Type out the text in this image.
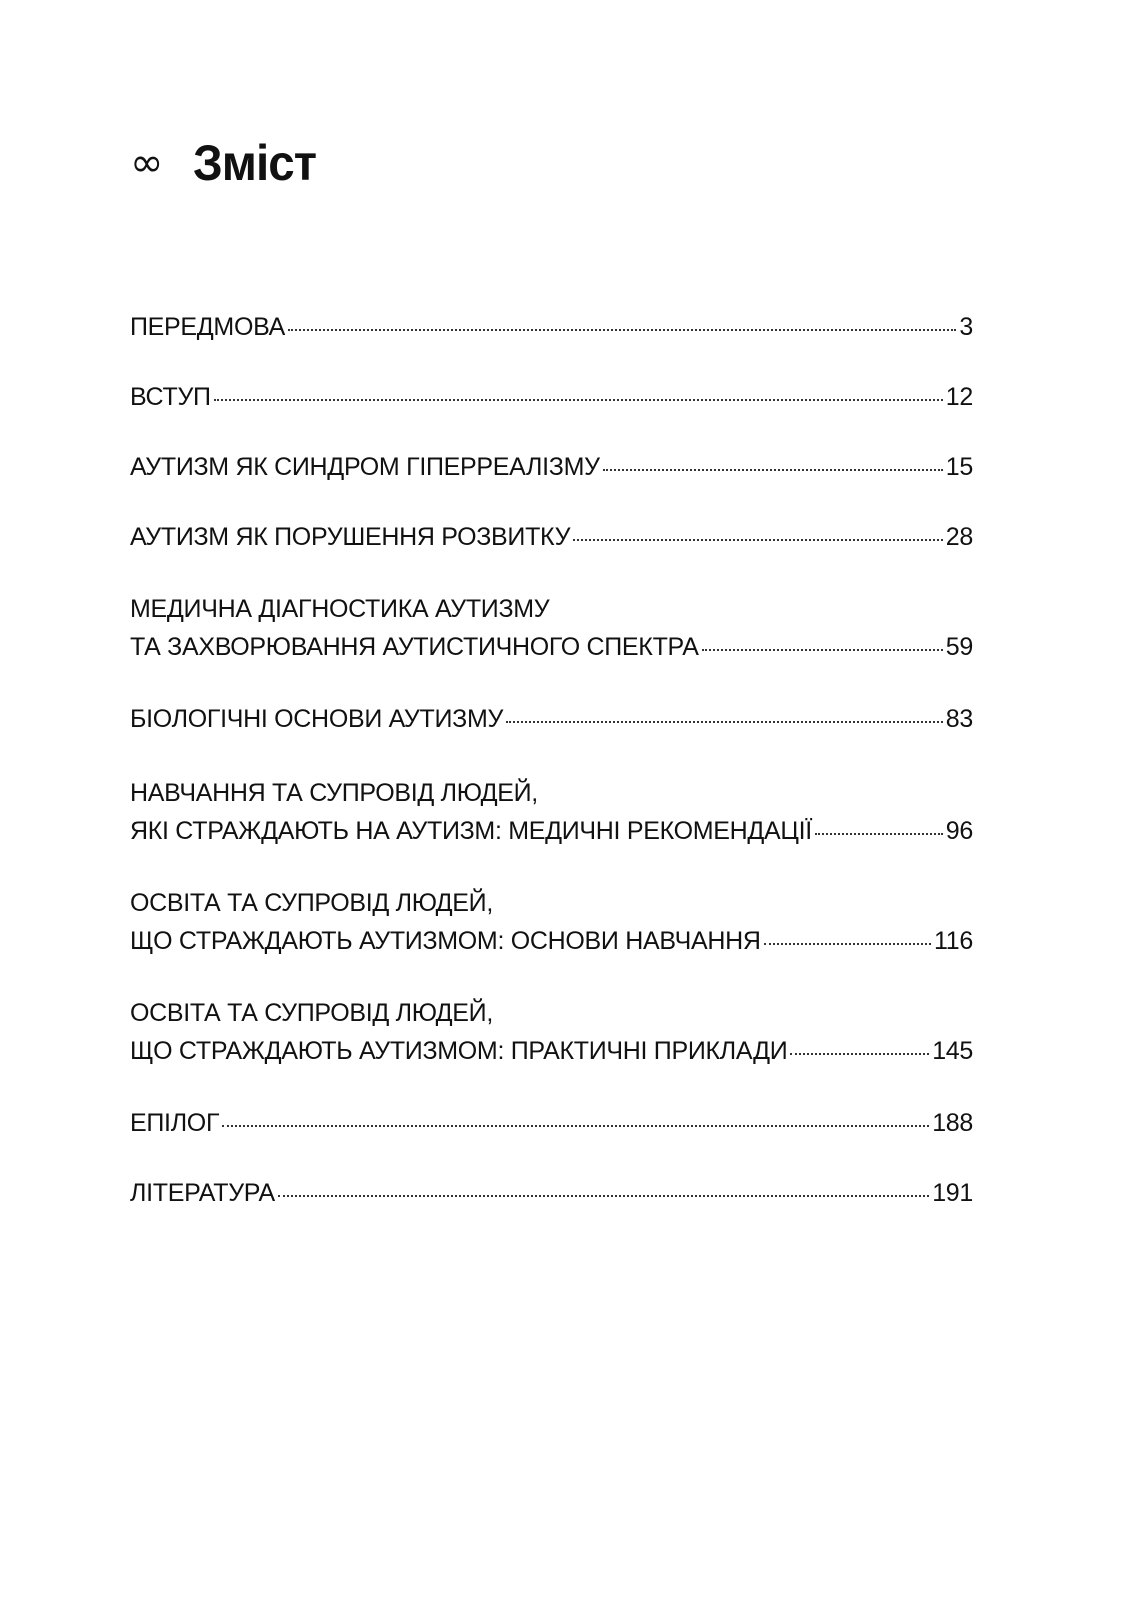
∞ Зміст
ПЕРЕДМОВА	3
ВСТУП	12
АУТИЗМ ЯК СИНДРОМ ГІПЕРРЕАЛІЗМУ	15
АУТИЗМ ЯК ПОРУШЕННЯ РОЗВИТКУ	28
МЕДИЧНА ДІАГНОСТИКА АУТИЗМУ
ТА ЗАХВОРЮВАННЯ АУТИСТИЧНОГО СПЕКТРА	59
БІОЛОГІЧНІ ОСНОВИ АУТИЗМУ	83
НАВЧАННЯ ТА СУПРОВІД ЛЮДЕЙ,
ЯКІ СТРАЖДАЮТЬ НА АУТИЗМ: МЕДИЧНІ РЕКОМЕНДАЦІЇ	96
ОСВІТА ТА СУПРОВІД ЛЮДЕЙ,
ЩО СТРАЖДАЮТЬ АУТИЗМОМ: ОСНОВИ НАВЧАННЯ	116
ОСВІТА ТА СУПРОВІД ЛЮДЕЙ,
ЩО СТРАЖДАЮТЬ АУТИЗМОМ: ПРАКТИЧНІ ПРИКЛАДИ	145
ЕПІЛОГ	188
ЛІТЕРАТУРА	191
